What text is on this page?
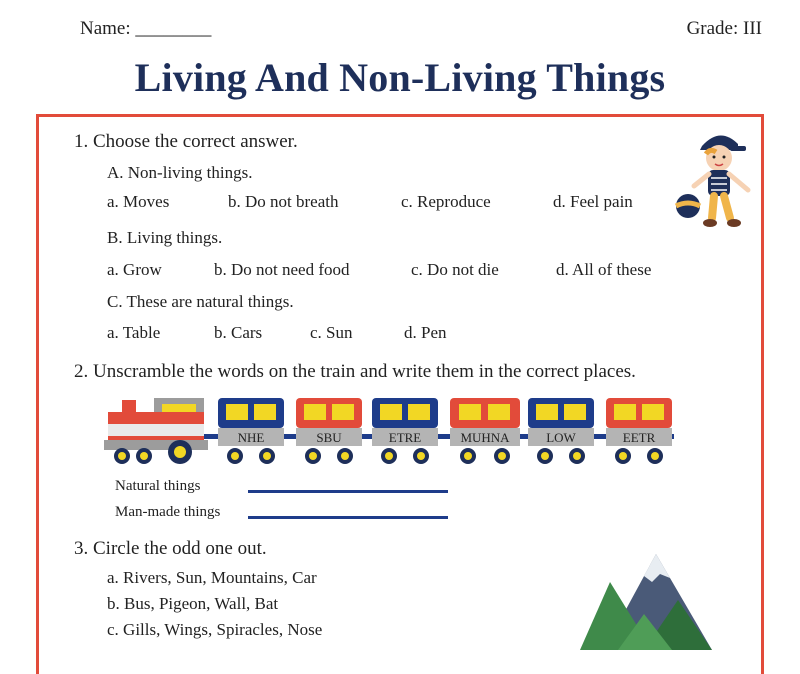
Name: ________	Grade: III
Living And Non-Living Things
1. Choose the correct answer.
A. Non-living things.
a. Moves	b. Do not breath	c. Reproduce	d. Feel pain
B. Living things.
a. Grow	b. Do not need food	c. Do not die	d. All of these
C. These are natural things.
a. Table	b. Cars	c. Sun	d. Pen
2. Unscramble the words on the train and write them in the correct places.
NHE	SBU	ETRE	MUHNA	LOW	EETR
Natural things
Man-made things
3. Circle the odd one out.
a. Rivers, Sun, Mountains, Car
b. Bus, Pigeon, Wall, Bat
c. Gills, Wings, Spiracles, Nose
